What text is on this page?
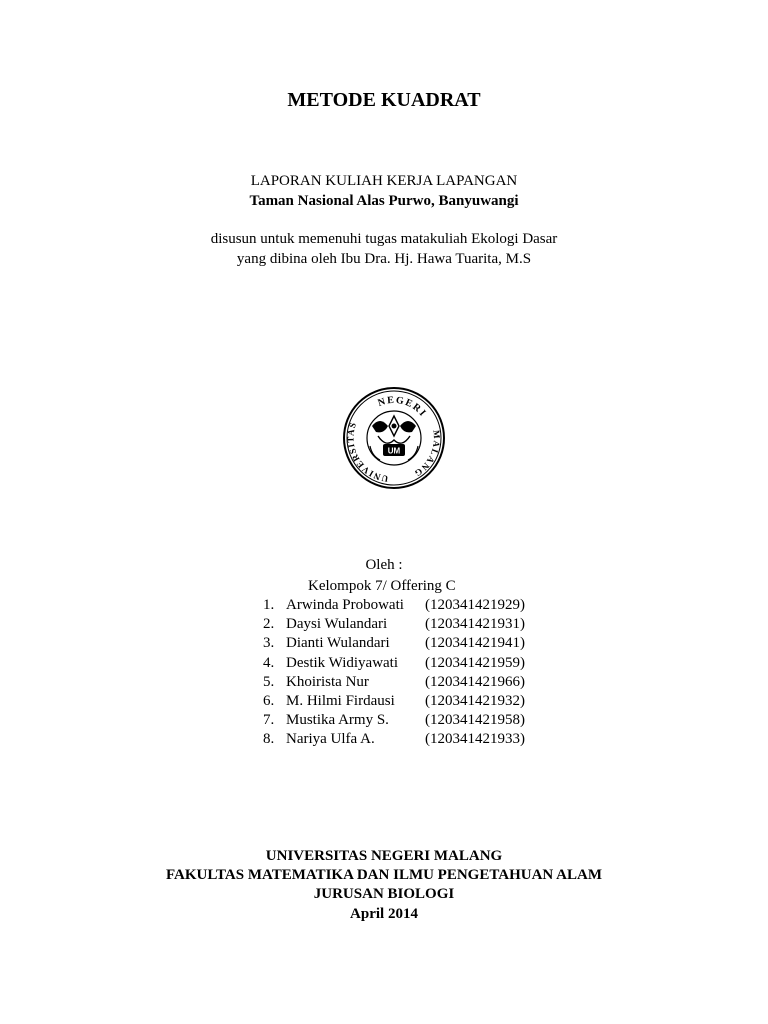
METODE KUADRAT
LAPORAN KULIAH KERJA LAPANGAN
Taman Nasional Alas Purwo, Banyuwangi
disusun untuk memenuhi tugas matakuliah Ekologi Dasar
yang dibina oleh Ibu Dra. Hj. Hawa Tuarita, M.S
NEGERI
UNIVERSITAS
MALANG
UM
Oleh :
Kelompok 7/ Offering C
1. Arwinda Probowati (120341421929)
2. Daysi Wulandari	(120341421931)
3. Dianti Wulandari (120341421941)
4. Destik Widiyawati (120341421959)
5. Khoirista Nur	(120341421966)
6. M. Hilmi Firdausi (120341421932)
7. Mustika Army S. (120341421958)
8. Nariya Ulfa A.	(120341421933)
UNIVERSITAS NEGERI MALANG
FAKULTAS MATEMATIKA DAN ILMU PENGETAHUAN ALAM
JURUSAN BIOLOGI
April 2014
